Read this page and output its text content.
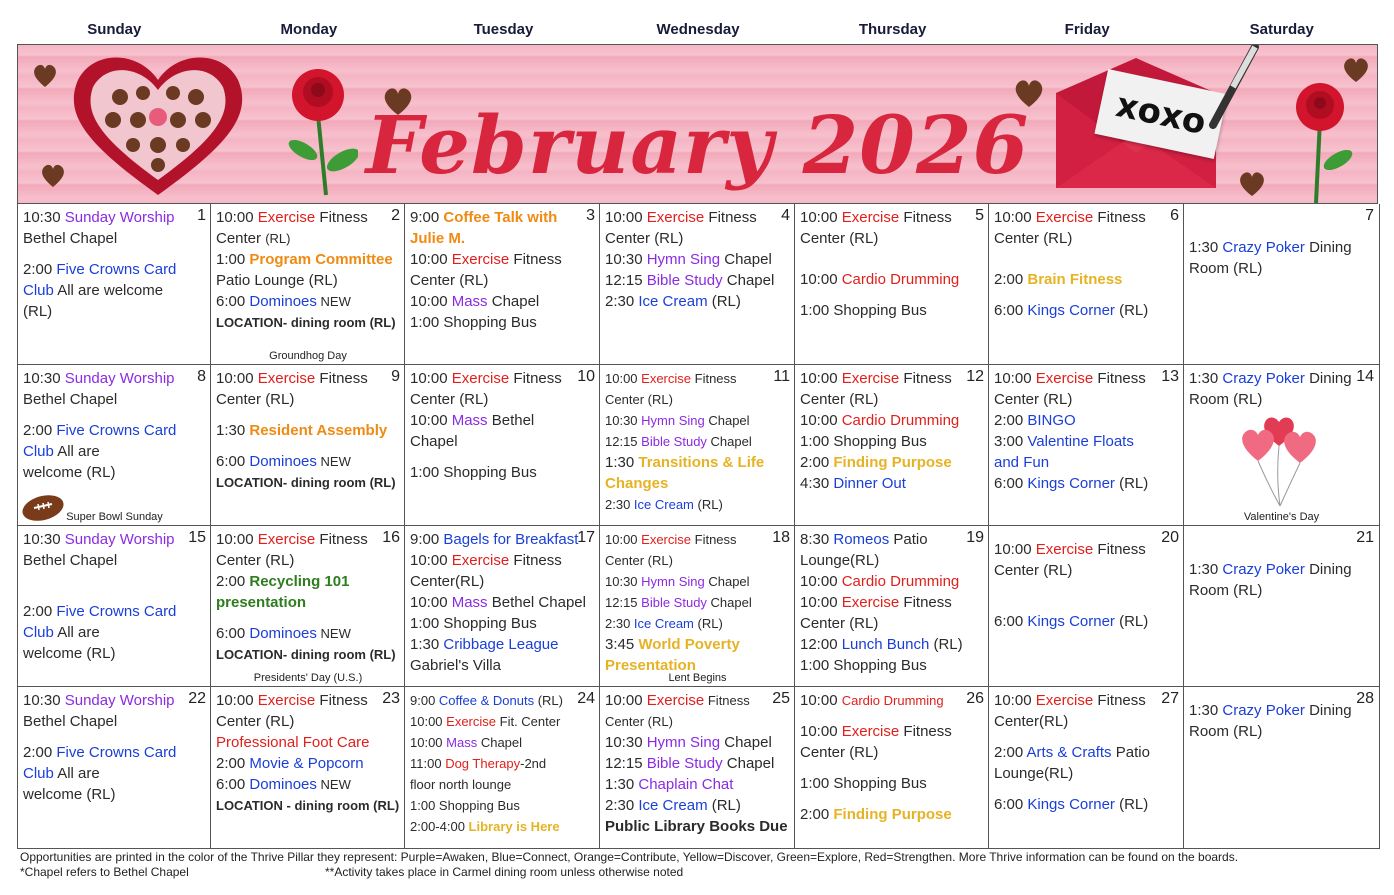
Sunday	Monday	Tuesday	Wednesday	Thursday	Friday	Saturday
xoxo
February 2026
1
10:30 Sunday Worship
Bethel Chapel
2:00 Five Crowns Card
Club All are welcome
(RL)
2
10:00 Exercise Fitness
Center (RL)
1:00 Program Committee
Patio Lounge (RL)
6:00 Dominoes NEW
LOCATION- dining room (RL)
Groundhog Day
3
9:00 Coffee Talk with
Julie M.
10:00 Exercise Fitness
Center (RL)
10:00 Mass Chapel
1:00 Shopping Bus
4
10:00 Exercise Fitness
Center (RL)
10:30 Hymn Sing Chapel
12:15 Bible Study Chapel
2:30 Ice Cream (RL)
5
10:00 Exercise Fitness
Center (RL)
10:00 Cardio Drumming
1:00 Shopping Bus
6
10:00 Exercise Fitness
Center (RL)
2:00 Brain Fitness
6:00 Kings Corner (RL)
7
1:30 Crazy Poker Dining
Room (RL)
8
10:30 Sunday Worship
Bethel Chapel
2:00 Five Crowns Card
Club All are
welcome (RL)
Super Bowl Sunday
9
10:00 Exercise Fitness
Center (RL)
1:30 Resident Assembly
6:00 Dominoes NEW
LOCATION- dining room (RL)
10
10:00 Exercise Fitness
Center (RL)
10:00 Mass Bethel
Chapel
1:00 Shopping Bus
11
10:00 Exercise Fitness
Center (RL)
10:30 Hymn Sing Chapel
12:15 Bible Study Chapel
1:30 Transitions & Life
Changes
2:30 Ice Cream (RL)
12
10:00 Exercise Fitness
Center (RL)
10:00 Cardio Drumming
1:00 Shopping Bus
2:00 Finding Purpose
4:30 Dinner Out
13
10:00 Exercise Fitness
Center (RL)
2:00 BINGO
3:00 Valentine Floats
and Fun
6:00 Kings Corner (RL)
14
1:30 Crazy Poker Dining
Room (RL)
Valentine's Day
15
10:30 Sunday Worship
Bethel Chapel
2:00 Five Crowns Card
Club All are
welcome (RL)
16
10:00 Exercise Fitness
Center (RL)
2:00 Recycling 101
presentation
6:00 Dominoes NEW
LOCATION- dining room (RL)
Presidents' Day (U.S.)
17
9:00 Bagels for Breakfast
10:00 Exercise Fitness
Center(RL)
10:00 Mass Bethel Chapel
1:00 Shopping Bus
1:30 Cribbage League
Gabriel's Villa
18
10:00 Exercise Fitness
Center (RL)
10:30 Hymn Sing Chapel
12:15 Bible Study Chapel
2:30 Ice Cream (RL)
3:45 World Poverty
Presentation
Lent Begins
19
8:30 Romeos Patio
Lounge(RL)
10:00 Cardio Drumming
10:00 Exercise Fitness
Center (RL)
12:00 Lunch Bunch (RL)
1:00 Shopping Bus
20
10:00 Exercise Fitness
Center (RL)
6:00 Kings Corner (RL)
21
1:30 Crazy Poker Dining
Room (RL)
22
10:30 Sunday Worship
Bethel Chapel
2:00 Five Crowns Card
Club All are
welcome (RL)
23
10:00 Exercise Fitness
Center (RL)
Professional Foot Care
2:00 Movie & Popcorn
6:00 Dominoes NEW
LOCATION - dining room (RL)
24
9:00 Coffee & Donuts (RL)
10:00 Exercise Fit. Center
10:00 Mass Chapel
11:00 Dog Therapy-2nd
floor north lounge
1:00 Shopping Bus
2:00-4:00 Library is Here
25
10:00 Exercise Fitness
Center (RL)
10:30 Hymn Sing Chapel
12:15 Bible Study Chapel
1:30 Chaplain Chat
2:30 Ice Cream (RL)
Public Library Books Due
26
10:00 Cardio Drumming
10:00 Exercise Fitness
Center (RL)
1:00 Shopping Bus
2:00 Finding Purpose
27
10:00 Exercise Fitness
Center(RL)
2:00 Arts & Crafts Patio
Lounge(RL)
6:00 Kings Corner (RL)
28
1:30 Crazy Poker Dining
Room (RL)
Opportunities are printed in the color of the Thrive Pillar they represent: Purple=Awaken, Blue=Connect, Orange=Contribute, Yellow=Discover, Green=Explore, Red=Strengthen. More Thrive information can be found on the boards.
*Chapel refers to Bethel Chapel	**Activity takes place in Carmel dining room unless otherwise noted
